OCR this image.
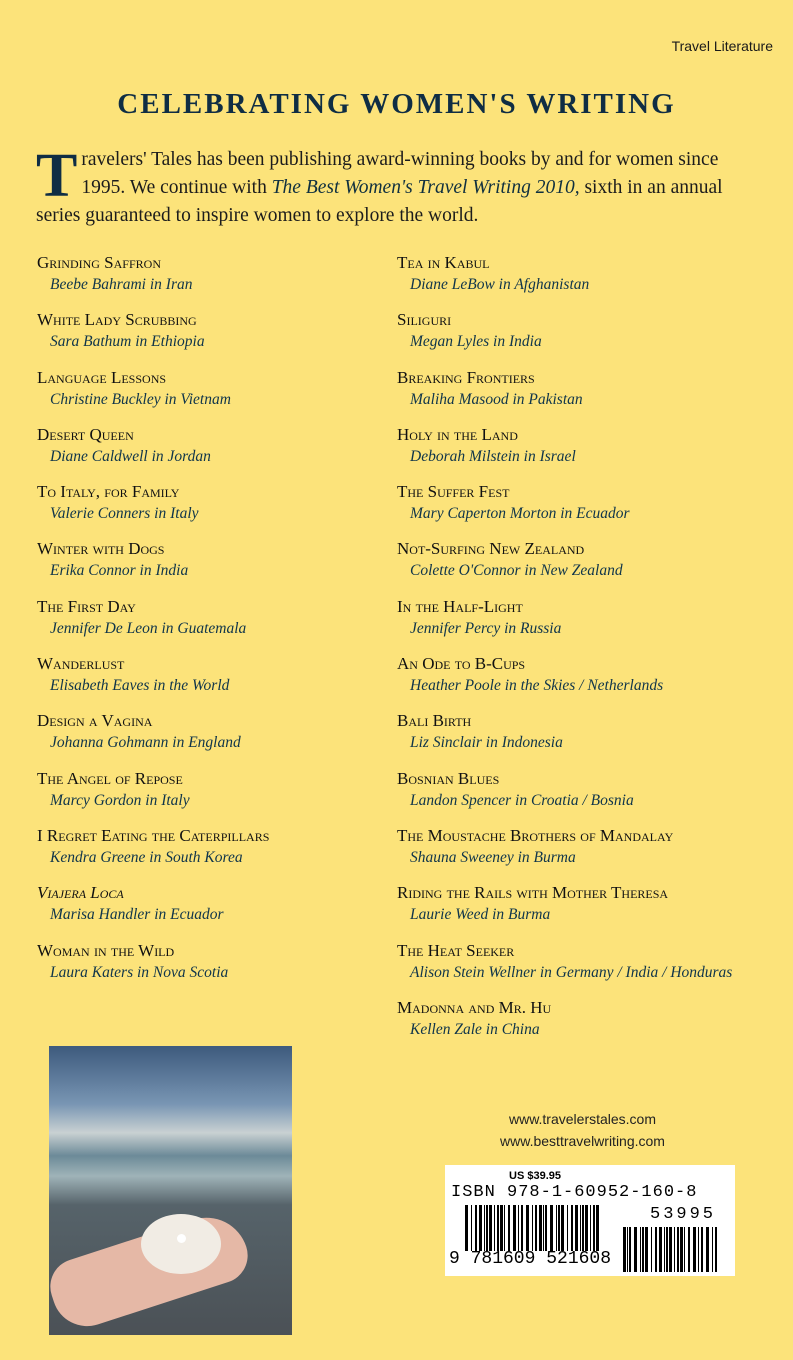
Travel Literature
CELEBRATING WOMEN'S WRITING
Travelers' Tales has been publishing award-winning books by and for women since 1995. We continue with The Best Women's Travel Writing 2010, sixth in an annual series guaranteed to inspire women to explore the world.
Grinding Saffron
Beebe Bahrami in Iran
White Lady Scrubbing
Sara Bathum in Ethiopia
Language Lessons
Christine Buckley in Vietnam
Desert Queen
Diane Caldwell in Jordan
To Italy, for Family
Valerie Conners in Italy
Winter with Dogs
Erika Connor in India
The First Day
Jennifer De Leon in Guatemala
Wanderlust
Elisabeth Eaves in the World
Design a Vagina
Johanna Gohmann in England
The Angel of Repose
Marcy Gordon in Italy
I Regret Eating the Caterpillars
Kendra Greene in South Korea
Viajera Loca
Marisa Handler in Ecuador
Woman in the Wild
Laura Katers in Nova Scotia
Tea in Kabul
Diane LeBow in Afghanistan
Siliguri
Megan Lyles in India
Breaking Frontiers
Maliha Masood in Pakistan
Holy in the Land
Deborah Milstein in Israel
The Suffer Fest
Mary Caperton Morton in Ecuador
Not-Surfing New Zealand
Colette O'Connor in New Zealand
In the Half-Light
Jennifer Percy in Russia
An Ode to B-Cups
Heather Poole in the Skies / Netherlands
Bali Birth
Liz Sinclair in Indonesia
Bosnian Blues
Landon Spencer in Croatia / Bosnia
The Moustache Brothers of Mandalay
Shauna Sweeney in Burma
Riding the Rails with Mother Theresa
Laurie Weed in Burma
The Heat Seeker
Alison Stein Wellner in Germany / India / Honduras
Madonna and Mr. Hu
Kellen Zale in China
www.travelerstales.com
www.besttravelwriting.com
US $39.95
ISBN 978-1-60952-160-8
53995
9 781609 521608
